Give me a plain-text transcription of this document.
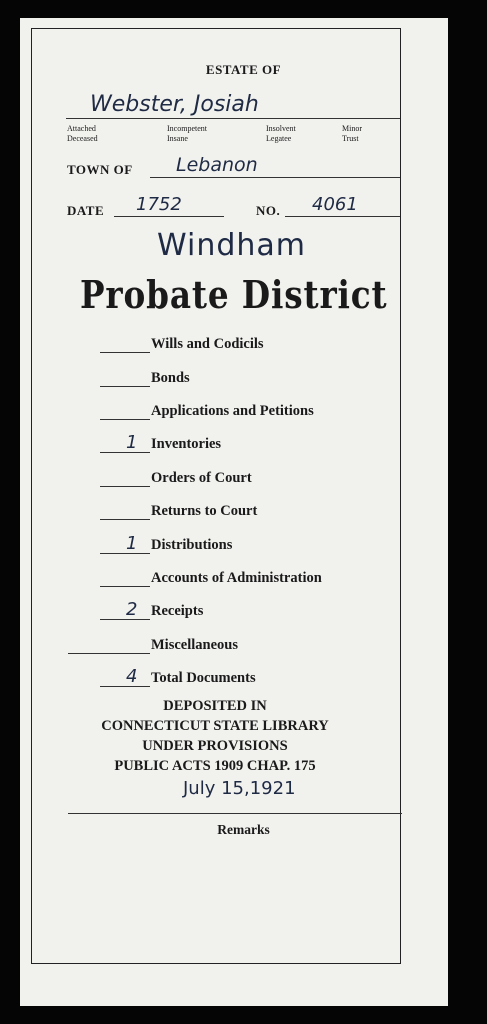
ESTATE OF
Webster, Josiah
Attached
Deceased
Incompetent
Insane
Insolvent
Legatee
Minor
Trust
TOWN OF Lebanon
DATE 1752	NO. 4061
Windham
Probate District
Wills and Codicils
Bonds
Applications and Petitions
1 Inventories
Orders of Court
Returns to Court
1 Distributions
Accounts of Administration
2 Receipts
Miscellaneous
4 Total Documents
DEPOSITED IN
CONNECTICUT STATE LIBRARY
UNDER PROVISIONS
PUBLIC ACTS 1909 CHAP. 175
July 15,1921
Remarks
